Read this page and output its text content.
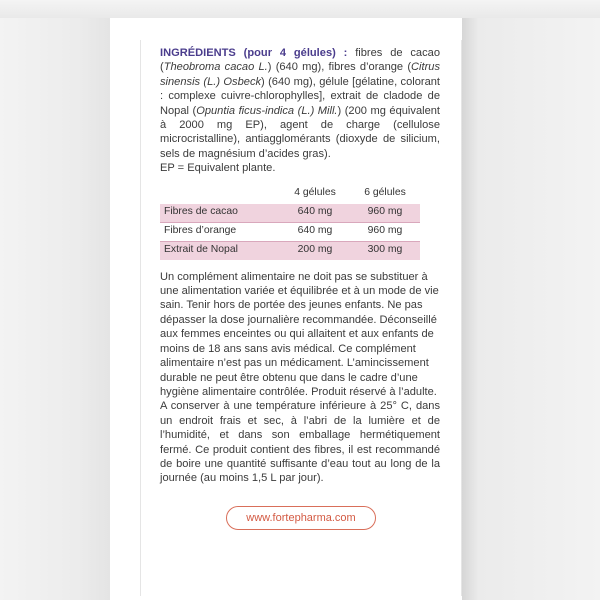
INGRÉDIENTS (pour 4 gélules) : fibres de cacao (Theobroma cacao L.) (640 mg), fibres d’orange (Citrus sinensis (L.) Osbeck) (640 mg), gélule [gélatine, colorant : complexe cuivre-chlorophylles], extrait de cladode de Nopal (Opuntia ficus-indica (L.) Mill.) (200 mg équivalent à 2000 mg EP), agent de charge (cellulose microcristalline), antiagglomérants (dioxyde de silicium, sels de magnésium d’acides gras).

EP = Equivalent plante.

	4 gélules	6 gélules
Fibres de cacao	640 mg	960 mg
Fibres d’orange	640 mg	960 mg
Extrait de Nopal	200 mg	300 mg

Un complément alimentaire ne doit pas se substituer à une alimentation variée et équilibrée et à un mode de vie sain. Tenir hors de portée des jeunes enfants. Ne pas dépasser la dose journalière recommandée. Déconseillé aux femmes enceintes ou qui allaitent et aux enfants de moins de 18 ans sans avis médical. Ce complément alimentaire n’est pas un médicament. L’amincissement durable ne peut être obtenu que dans le cadre d’une hygiène alimentaire contrôlée. Produit réservé à l’adulte.

A conserver à une température inférieure à 25° C, dans un endroit frais et sec, à l’abri de la lumière et de l’humidité, et dans son emballage hermétiquement fermé. Ce produit contient des fibres, il est recommandé de boire une quantité suffisante d’eau tout au long de la journée (au moins 1,5 L par jour).

www.fortepharma.com
